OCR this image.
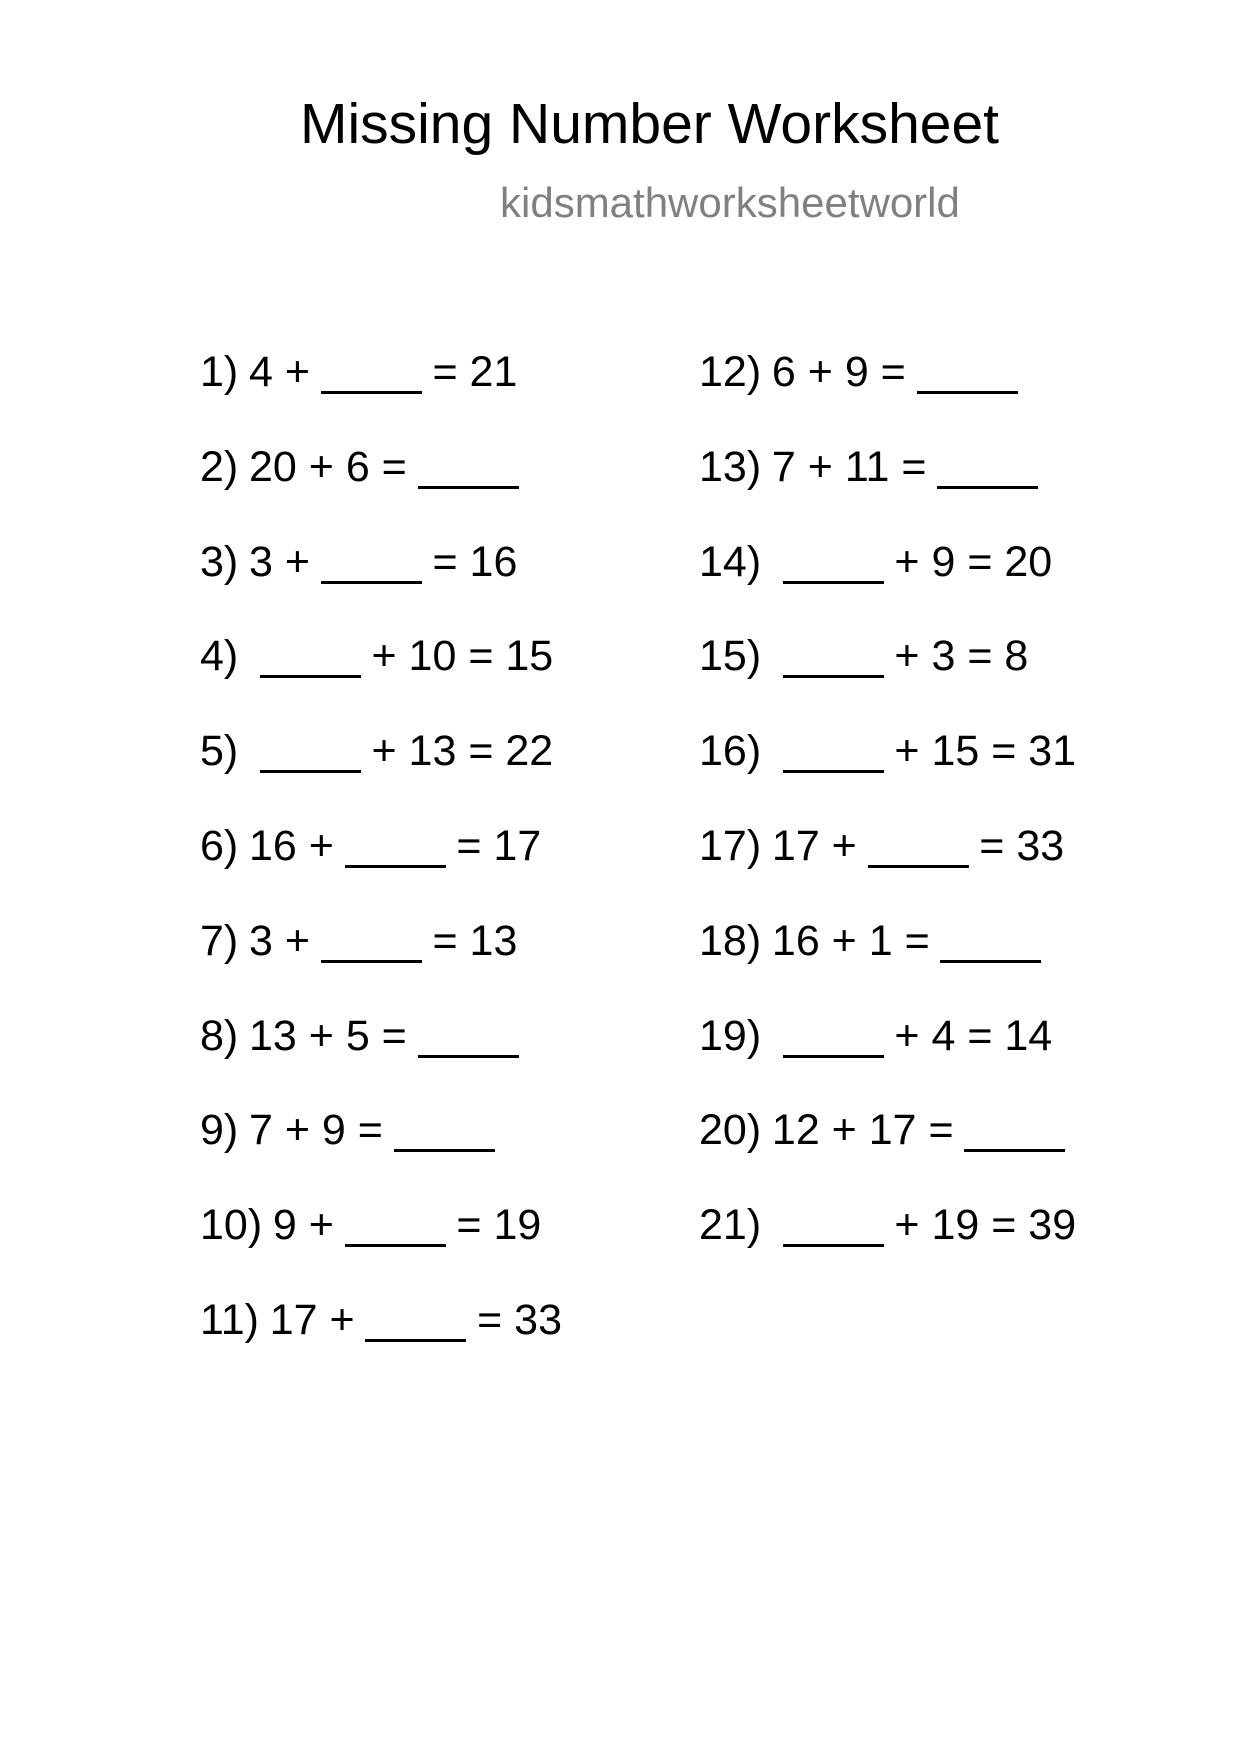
Missing Number Worksheet
kidsmathworksheetworld
1) 4 +	= 21
2) 20 + 6 =
3) 3 +	= 16
4)	+ 10 = 15
5)	+ 13 = 22
6) 16 +	= 17
7) 3 +	= 13
8) 13 + 5 =
9) 7 + 9 =
10) 9 +	= 19
11) 17 +	= 33
12) 6 + 9 =
13) 7 + 11 =
14)	+ 9 = 20
15)	+ 3 = 8
16)	+ 15 = 31
17) 17 +	= 33
18) 16 + 1 =
19)	+ 4 = 14
20) 12 + 17 =
21)	+ 19 = 39
